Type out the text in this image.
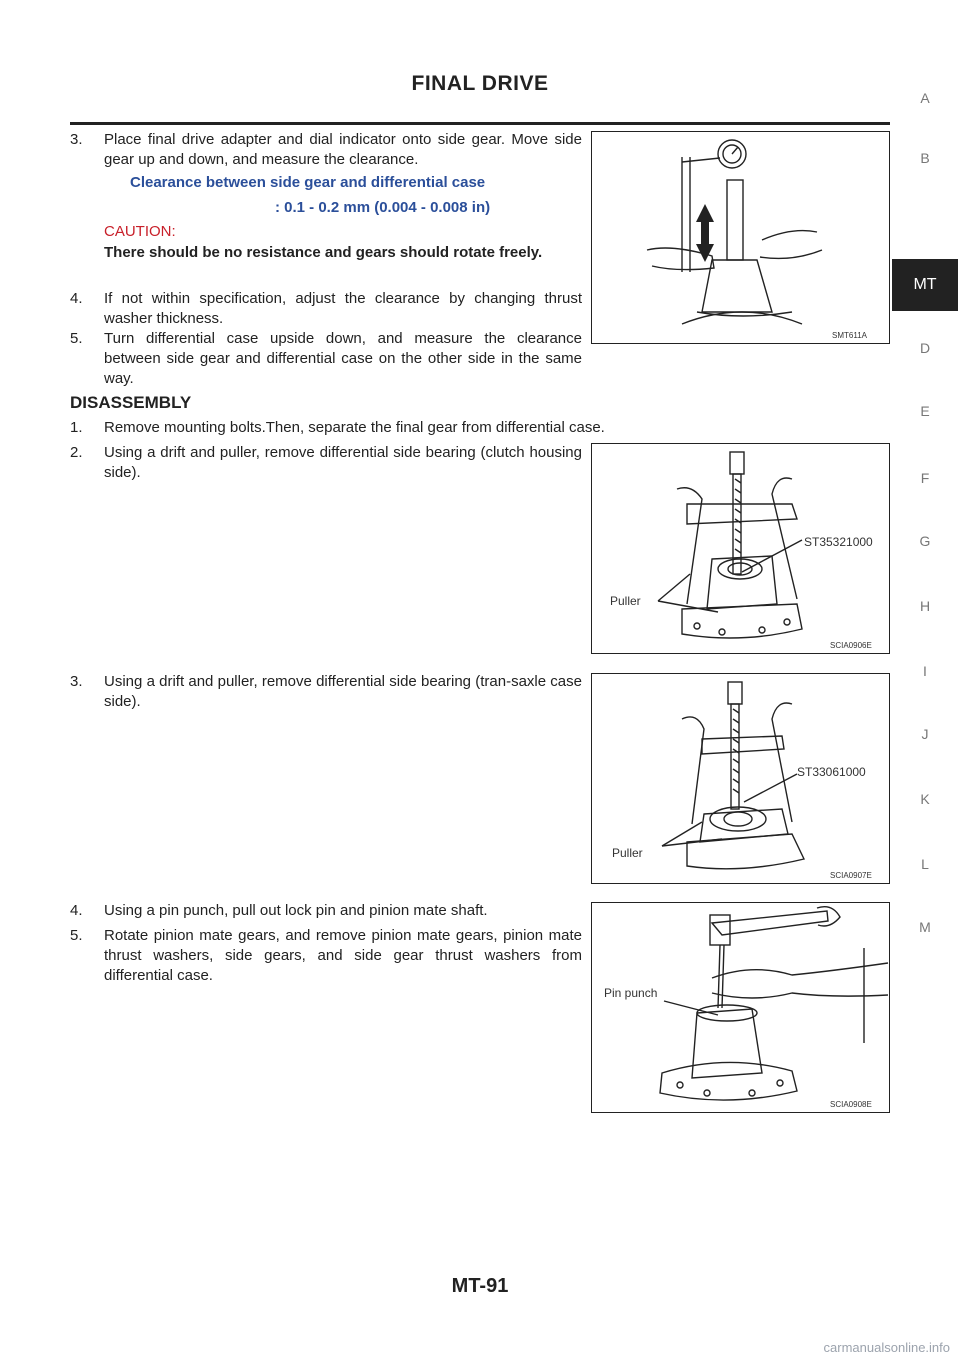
FINAL DRIVE
A
B
MT
D
E
F
G
H
I
J
K
L
M
3. Place final drive adapter and dial indicator onto side gear. Move side gear up and down, and measure the clearance.
Clearance between side gear and differential case
: 0.1 - 0.2 mm (0.004 - 0.008 in)
CAUTION:
There should be no resistance and gears should rotate freely.
4. If not within specification, adjust the clearance by changing thrust washer thickness.
5. Turn differential case upside down, and measure the clearance between side gear and differential case on the other side in the same way.
SMT611A
DISASSEMBLY
1. Remove mounting bolts.Then, separate the final gear from differential case.
2. Using a drift and puller, remove differential side bearing (clutch housing side).
ST35321000
Puller
SCIA0906E
3. Using a drift and puller, remove differential side bearing (tran-saxle case side).
ST33061000
Puller
SCIA0907E
4. Using a pin punch, pull out lock pin and pinion mate shaft.
5. Rotate pinion mate gears, and remove pinion mate gears, pinion mate thrust washers, side gears, and side gear thrust washers from differential case.
Pin punch
SCIA0908E
MT-91
carmanualsonline.info
